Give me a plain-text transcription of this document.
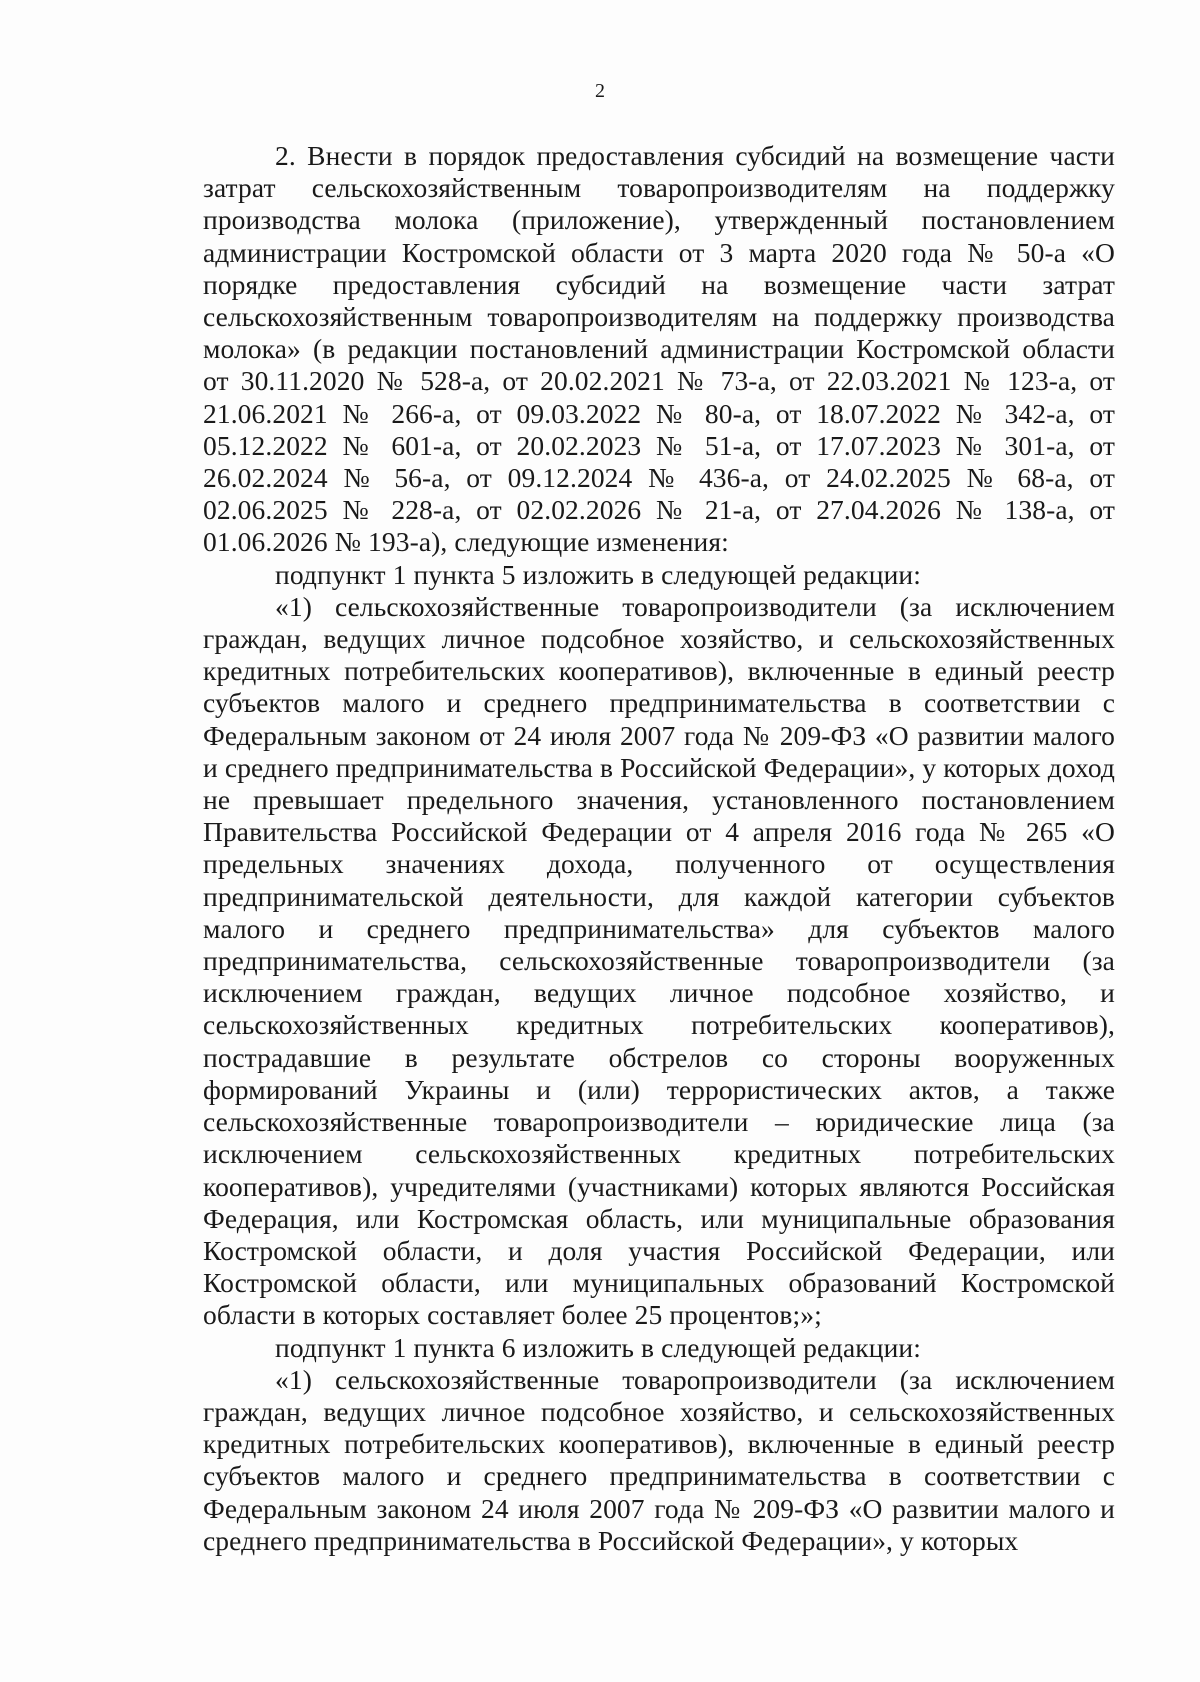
2

2. Внести в порядок предоставления субсидий на возмещение части затрат сельскохозяйственным товаропроизводителям на поддержку производства молока (приложение), утвержденный постановлением администрации Костромской области от 3 марта 2020 года № 50-а «О порядке предоставления субсидий на возмещение части затрат сельскохозяйственным товаропроизводителям на поддержку производства молока» (в редакции постановлений администрации Костромской области от 30.11.2020 № 528-а, от 20.02.2021 № 73-а, от 22.03.2021 № 123-а, от 21.06.2021 № 266-а, от 09.03.2022 № 80-а, от 18.07.2022 № 342-а, от 05.12.2022 № 601-а, от 20.02.2023 № 51-а, от 17.07.2023 № 301-а, от 26.02.2024 № 56-а, от 09.12.2024 № 436-а, от 24.02.2025 № 68-а, от 02.06.2025 № 228-а, от 02.02.2026 № 21-а, от 27.04.2026 № 138-а, от 01.06.2026 № 193-а), следующие изменения:

подпункт 1 пункта 5 изложить в следующей редакции:

«1) сельскохозяйственные товаропроизводители (за исключением граждан, ведущих личное подсобное хозяйство, и сельскохозяйственных кредитных потребительских кооперативов), включенные в единый реестр субъектов малого и среднего предпринимательства в соответствии с Федеральным законом от 24 июля 2007 года № 209-ФЗ «О развитии малого и среднего предпринимательства в Российской Федерации», у которых доход не превышает предельного значения, установленного постановлением Правительства Российской Федерации от 4 апреля 2016 года № 265 «О предельных значениях дохода, полученного от осуществления предпринимательской деятельности, для каждой категории субъектов малого и среднего предпринимательства» для субъектов малого предпринимательства, сельскохозяйственные товаропроизводители (за исключением граждан, ведущих личное подсобное хозяйство, и сельскохозяйственных кредитных потребительских кооперативов), пострадавшие в результате обстрелов со стороны вооруженных формирований Украины и (или) террористических актов, а также сельскохозяйственные товаропроизводители – юридические лица (за исключением сельскохозяйственных кредитных потребительских кооперативов), учредителями (участниками) которых являются Российская Федерация, или Костромская область, или муниципальные образования Костромской области, и доля участия Российской Федерации, или Костромской области, или муниципальных образований Костромской области в которых составляет более 25 процентов;»;

подпункт 1 пункта 6 изложить в следующей редакции:

«1) сельскохозяйственные товаропроизводители (за исключением граждан, ведущих личное подсобное хозяйство, и сельскохозяйственных кредитных потребительских кооперативов), включенные в единый реестр субъектов малого и среднего предпринимательства в соответствии с Федеральным законом 24 июля 2007 года № 209-ФЗ «О развитии малого и среднего предпринимательства в Российской Федерации», у которых
